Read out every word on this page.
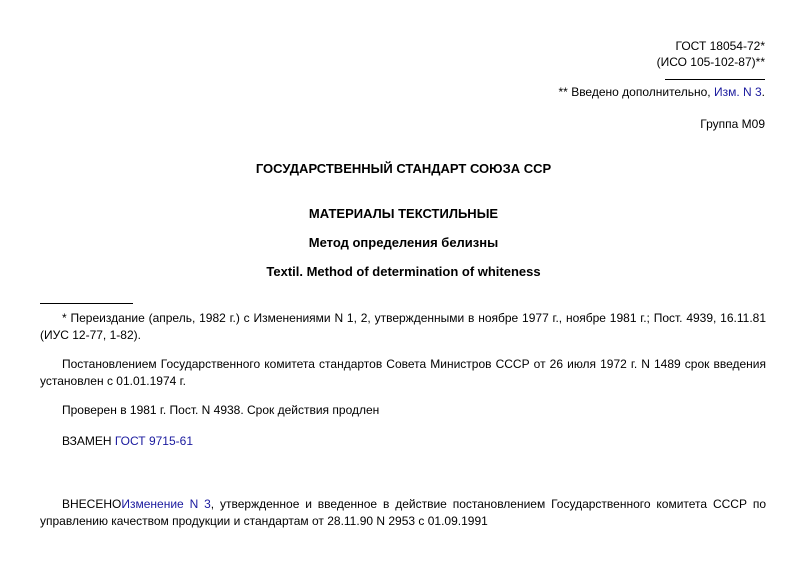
ГОСТ 18054-72*
(ИСО 105-102-87)**
** Введено дополнительно, Изм. N 3.
Группа М09
ГОСУДАРСТВЕННЫЙ СТАНДАРТ СОЮЗА ССР
МАТЕРИАЛЫ ТЕКСТИЛЬНЫЕ
Метод определения белизны
Textil. Method of determination of whiteness
* Переиздание (апрель, 1982 г.) с Изменениями N 1, 2, утвержденными в ноябре 1977 г., ноябре 1981 г.; Пост. 4939, 16.11.81 (ИУС 12-77, 1-82).
Постановлением Государственного комитета стандартов Совета Министров СССР от 26 июля 1972 г. N 1489 срок введения установлен с 01.01.1974 г.
Проверен в 1981 г. Пост. N 4938. Срок действия продлен
ВЗАМЕН ГОСТ 9715-61
ВНЕСЕНОИзменение N 3, утвержденное и введенное в действие постановлением Государственного комитета СССР по управлению качеством продукции и стандартам от 28.11.90 N 2953 с 01.09.1991
